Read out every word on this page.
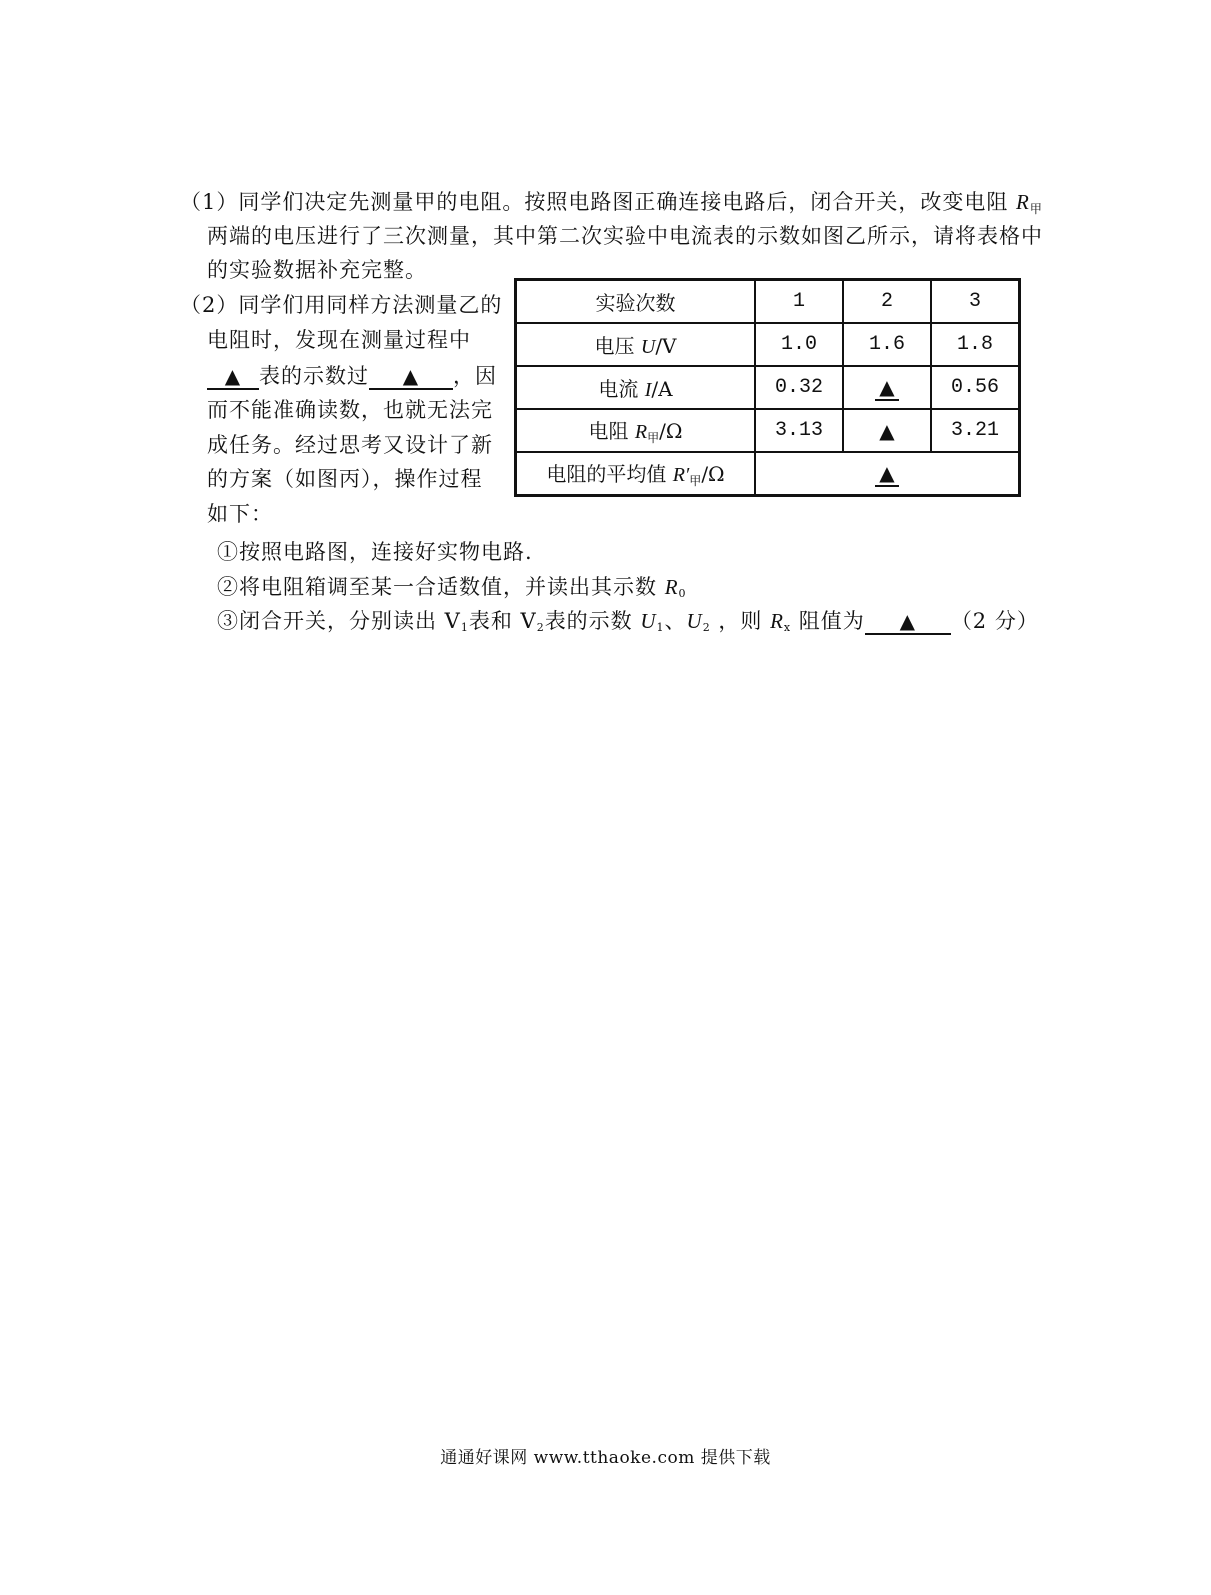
（1）同学们决定先测量甲的电阻。按照电路图正确连接电路后，闭合开关，改变电阻 R甲
两端的电压进行了三次测量，其中第二次实验中电流表的示数如图乙所示，请将表格中
的实验数据补充完整。
（2）同学们用同样方法测量乙的
电阻时，发现在测量过程中
▲ 表的示数过 ▲ ，因
而不能准确读数，也就无法完
成任务。经过思考又设计了新
的方案（如图丙），操作过程
如下：
实验次数	1	2	3
电压 U/V	1.0	1.6	1.8
电流 I/A	0.32	▲	0.56
电阻 $R_甲/\Omega$	3.13	▲	3.21
电阻的平均值 $R'_甲/\Omega$	▲		
①按照电路图，连接好实物电路.
②将电阻箱调至某一合适数值，并读出其示数 $R_0$
③闭合开关，分别读出 $V_1$表和 $V_2$表的示数 $U_1$、$U_2$ ，则 $R_x$ 阻值为 ▲ （2 分）
通通好课网 www.tthaoke.com 提供下载
